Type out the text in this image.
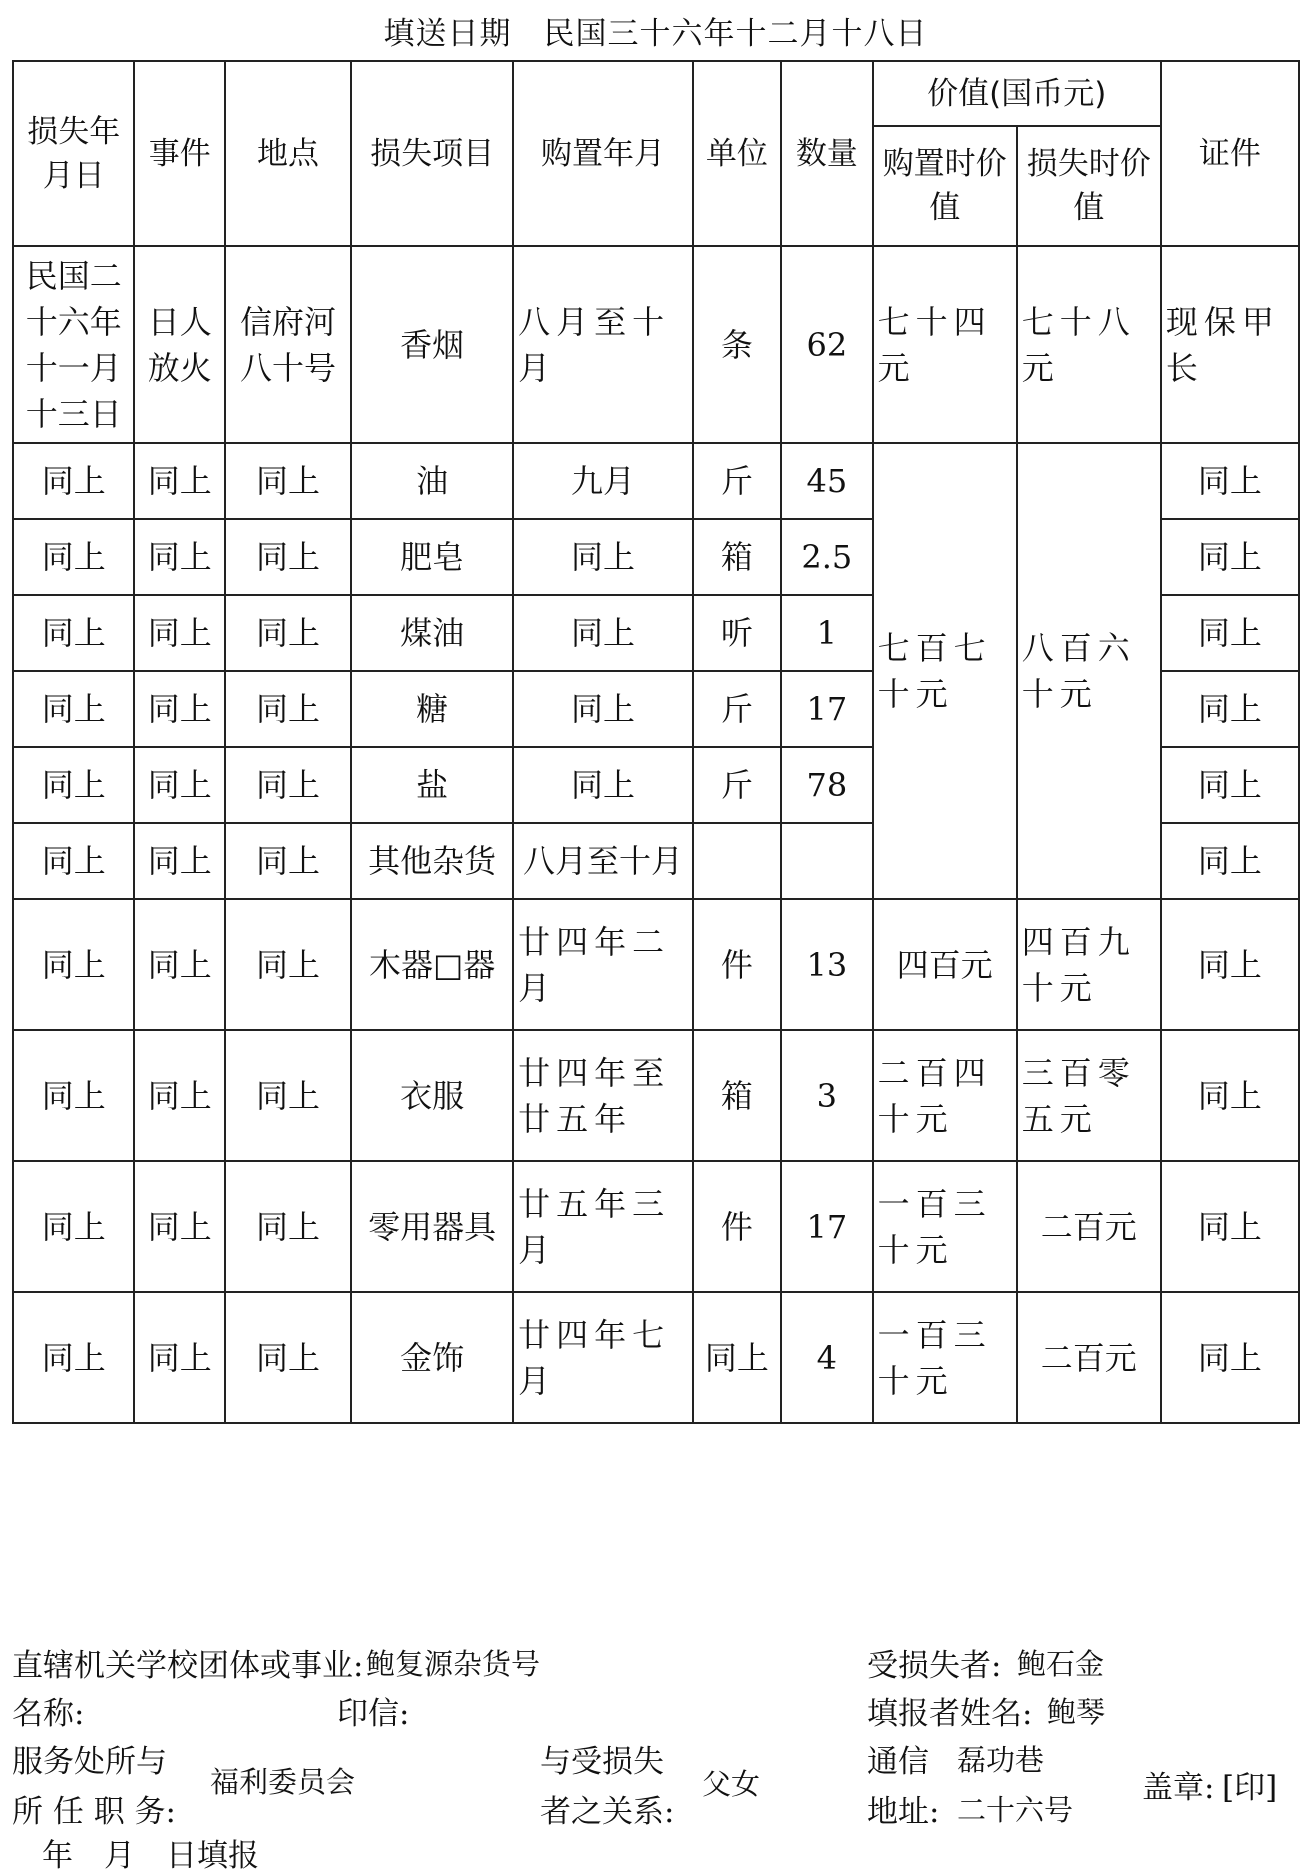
填送日期　民国三十六年十二月十八日
损失年月日	事件	地点	损失项目	购置年月	单位	数量	价值(国币元)		证件
							购置时价值	损失时价值	
民国二十六年十一月十三日	日人放火	信府河八十号	香烟	八月至十月	条	62	七十四元	七十八元	现保甲长
同上	同上	同上	油	九月	斤	45	七百七十元	八百六十元	同上
同上	同上	同上	肥皂	同上	箱	2.5			同上
同上	同上	同上	煤油	同上	听	1			同上
同上	同上	同上	糖	同上	斤	17			同上
同上	同上	同上	盐	同上	斤	78			同上
同上	同上	同上	其他杂货	八月至十月					同上
同上	同上	同上	木器□器	廿四年二月	件	13	四百元	四百九十元	同上
同上	同上	同上	衣服	廿四年至廿五年	箱	3	二百四十元	三百零五元	同上
同上	同上	同上	零用器具	廿五年三月	件	17	一百三十元	二百元	同上
同上	同上	同上	金饰	廿四年七月	同上	4	一百三十元	二百元	同上
直辖机关学校团体或事业: 鲍复源杂货号	受损失者: 鲍石金
名称:	印信:	填报者姓名: 鲍琴
服务处所与
所 任 职 务:
福利委员会
与受损失
者之关系:
父女
通信 磊功巷
地址: 二十六号
盖章: [印]
年　月　日填报
